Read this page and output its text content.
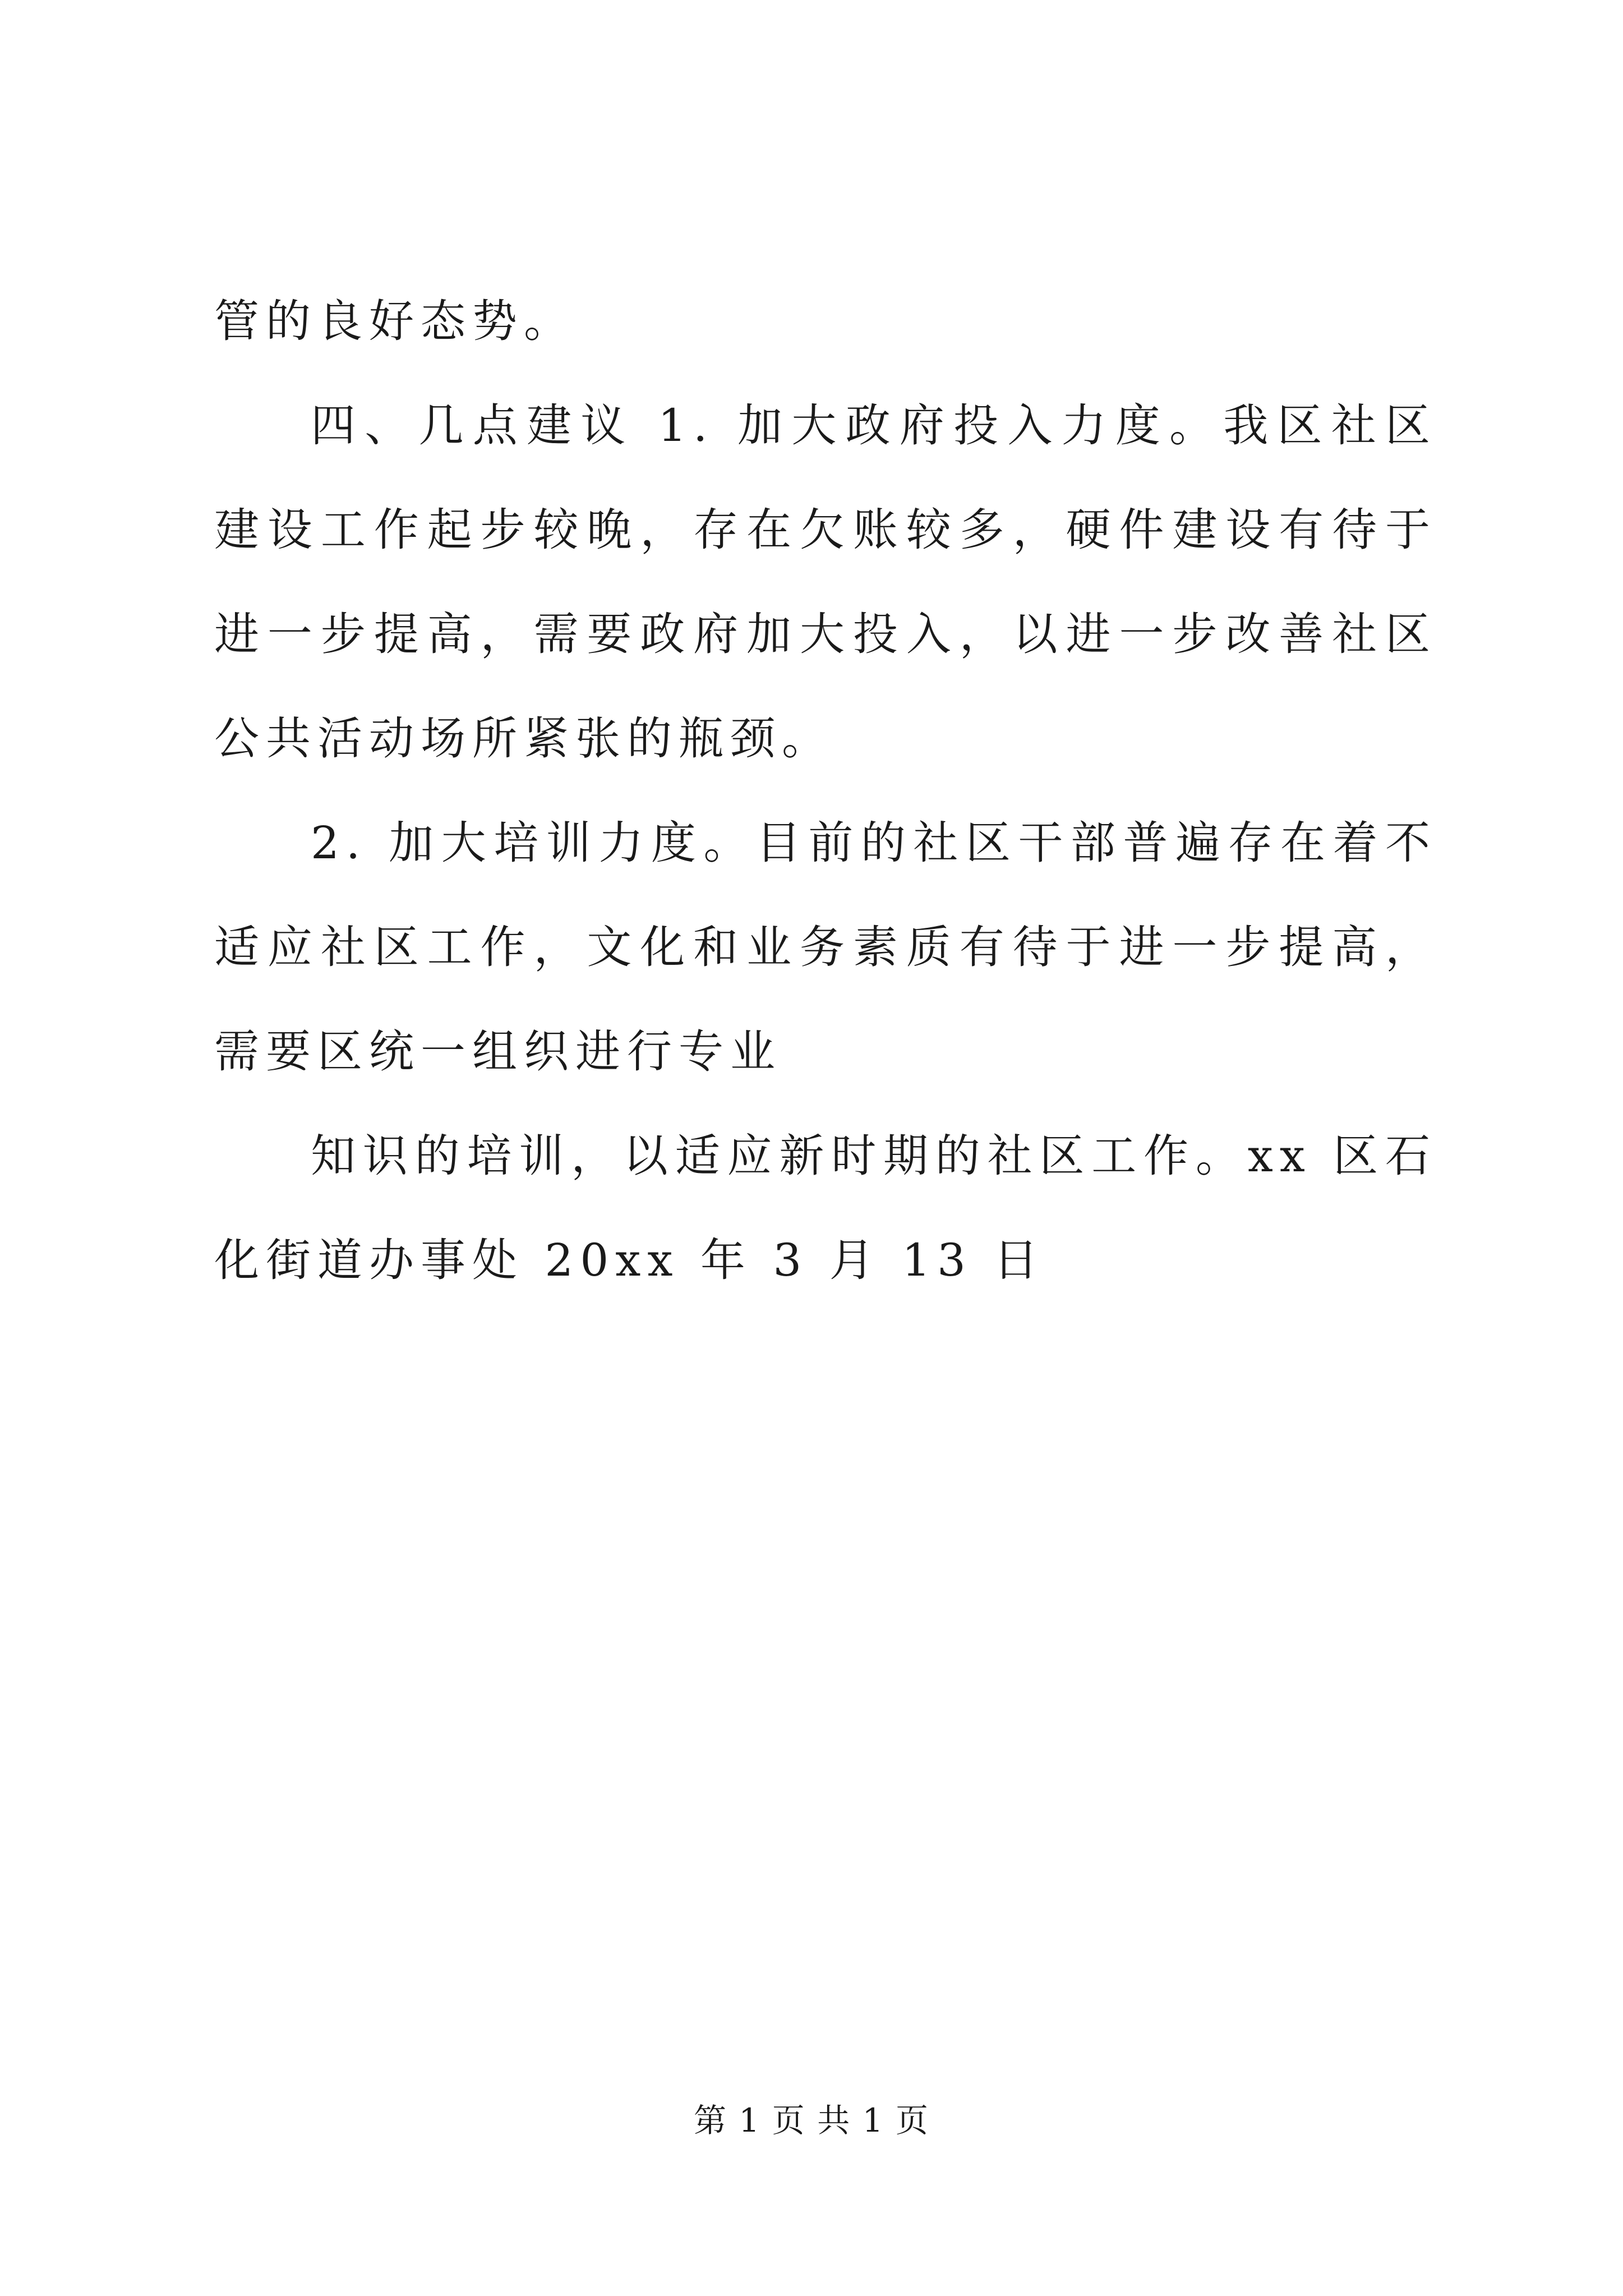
管的良好态势。

四、几点建议 1. 加大政府投入力度。我区社区建设工作起步较晚，存在欠账较多，硬件建设有待于进一步提高，需要政府加大投入，以进一步改善社区公共活动场所紧张的瓶颈。

2. 加大培训力度。目前的社区干部普遍存在着不适应社区工作，文化和业务素质有待于进一步提高，需要区统一组织进行专业

知识的培训，以适应新时期的社区工作。xx 区石化街道办事处 20xx 年 3 月 13 日

第 1 页 共 1 页
